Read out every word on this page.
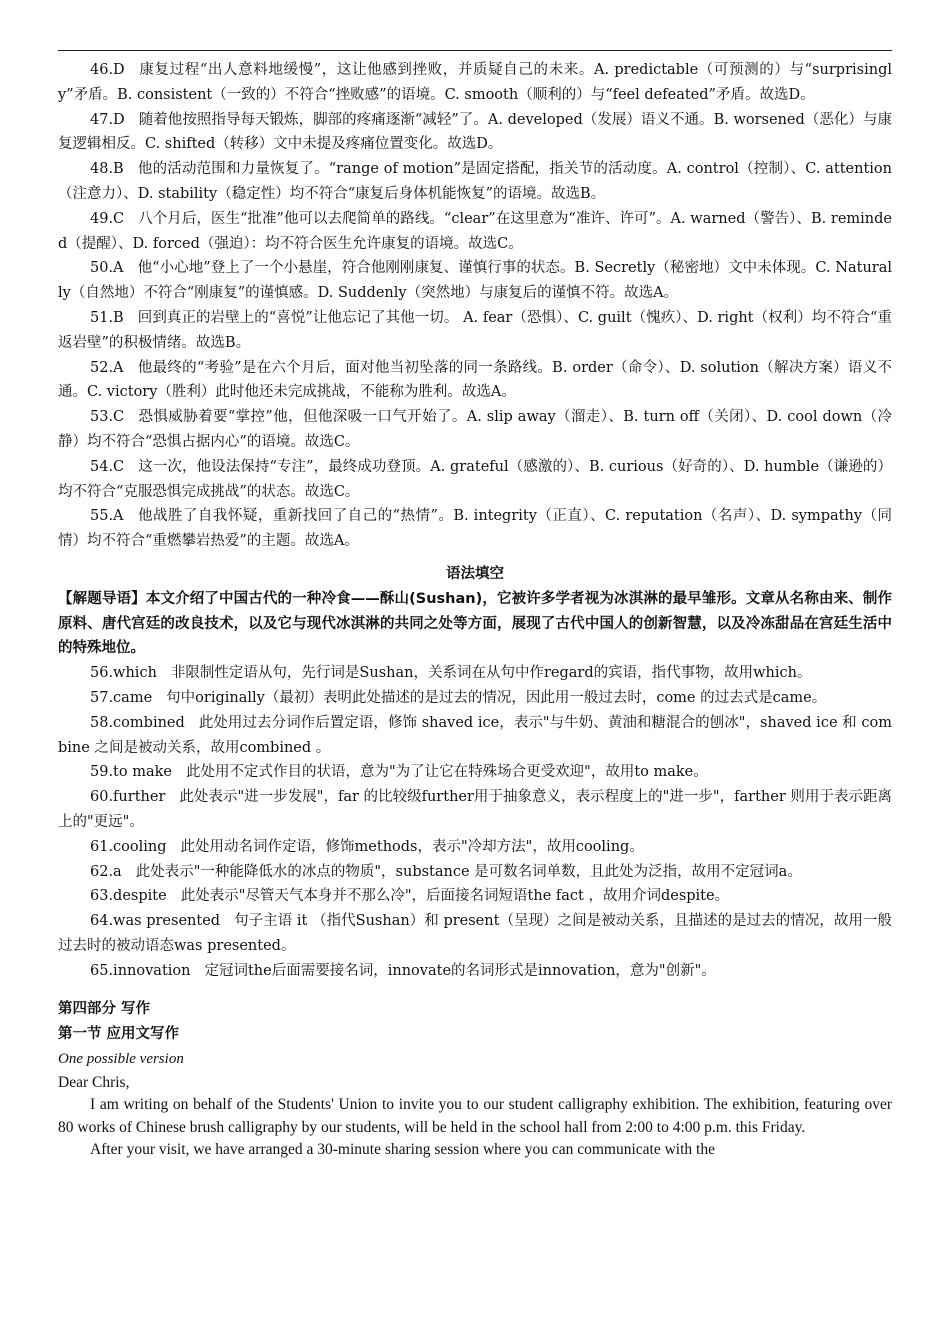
46.D 康复过程“出人意料地缓慢”，这让他感到挫败，并质疑自己的未来。A. predictable（可预测的）与“surprisingly”矛盾。B. consistent（一致的）不符合“挫败感”的语境。C. smooth（顺利的）与“feel defeated”矛盾。故选D。
47.D 随着他按照指导每天锻炼，脚部的疼痛逐渐“减轻”了。A. developed（发展）语义不通。B. worsened（恶化）与康复逻辑相反。C. shifted（转移）文中未提及疼痛位置变化。故选D。
48.B 他的活动范围和力量恢复了。“range of motion”是固定搭配，指关节的活动度。A. control（控制）、C. attention（注意力）、D. stability（稳定性）均不符合“康复后身体机能恢复”的语境。故选B。
49.C 八个月后，医生“批准”他可以去爬简单的路线。“clear”在这里意为“准许、许可”。A. warned（警告）、B. reminded（提醒）、D. forced（强迫）：均不符合医生允许康复的语境。故选C。
50.A 他“小心地”登上了一个小悬崖，符合他刚刚康复、谨慎行事的状态。B. Secretly（秘密地）文中未体现。C. Naturally（自然地）不符合“刚康复”的谨慎感。D. Suddenly（突然地）与康复后的谨慎不符。故选A。
51.B 回到真正的岩壁上的“喜悦”让他忘记了其他一切。 A. fear（恐惧）、C. guilt（愧疚）、D. right（权利）均不符合“重返岩壁”的积极情绪。故选B。
52.A 他最终的“考验”是在六个月后，面对他当初坠落的同一条路线。B. order（命令）、D. solution（解决方案）语义不通。C. victory（胜利）此时他还未完成挑战，不能称为胜利。故选A。
53.C 恐惧威胁着要“掌控”他，但他深吸一口气开始了。A. slip away（溜走）、B. turn off（关闭）、D. cool down（冷静）均不符合“恐惧占据内心”的语境。故选C。
54.C 这一次，他设法保持“专注”，最终成功登顶。A. grateful（感激的）、B. curious（好奇的）、D. humble（谦逊的）均不符合“克服恐惧完成挑战”的状态。故选C。
55.A 他战胜了自我怀疑，重新找回了自己的“热情”。B. integrity（正直）、C. reputation（名声）、D. sympathy（同情）均不符合“重燃攀岩热爱”的主题。故选A。
语法填空
【解题导语】本文介绍了中国古代的一种冷食——酥山(Sushan)，它被许多学者视为冰淇淋的最早雏形。文章从名称由来、制作原料、唐代宫廷的改良技术，以及它与现代冰淇淋的共同之处等方面，展现了古代中国人的创新智慧，以及冷冻甜品在宫廷生活中的特殊地位。
56.which 非限制性定语从句，先行词是Sushan，关系词在从句中作regard的宾语，指代事物，故用which。
57.came 句中originally（最初）表明此处描述的是过去的情况，因此用一般过去时，come 的过去式是came。
58.combined 此处用过去分词作后置定语，修饰 shaved ice，表示"与牛奶、黄油和糖混合的刨冰"，shaved ice 和 combine 之间是被动关系，故用combined 。
59.to make 此处用不定式作目的状语，意为"为了让它在特殊场合更受欢迎"，故用to make。
60.further 此处表示"进一步发展"，far 的比较级further用于抽象意义，表示程度上的"进一步"，farther 则用于表示距离上的"更远"。
61.cooling 此处用动名词作定语，修饰methods，表示"冷却方法"，故用cooling。
62.a 此处表示"一种能降低水的冰点的物质"，substance 是可数名词单数，且此处为泛指，故用不定冠词a。
63.despite 此处表示"尽管天气本身并不那么冷"，后面接名词短语the fact ，故用介词despite。
64.was presented 句子主语 it （指代Sushan）和 present（呈现）之间是被动关系，且描述的是过去的情况，故用一般过去时的被动语态was presented。
65.innovation 定冠词the后面需要接名词，innovate的名词形式是innovation，意为"创新"。
第四部分 写作
第一节 应用文写作
One possible version
Dear Chris,
I am writing on behalf of the Students' Union to invite you to our student calligraphy exhibition. The exhibition, featuring over 80 works of Chinese brush calligraphy by our students, will be held in the school hall from 2:00 to 4:00 p.m. this Friday.
After your visit, we have arranged a 30-minute sharing session where you can communicate with the
